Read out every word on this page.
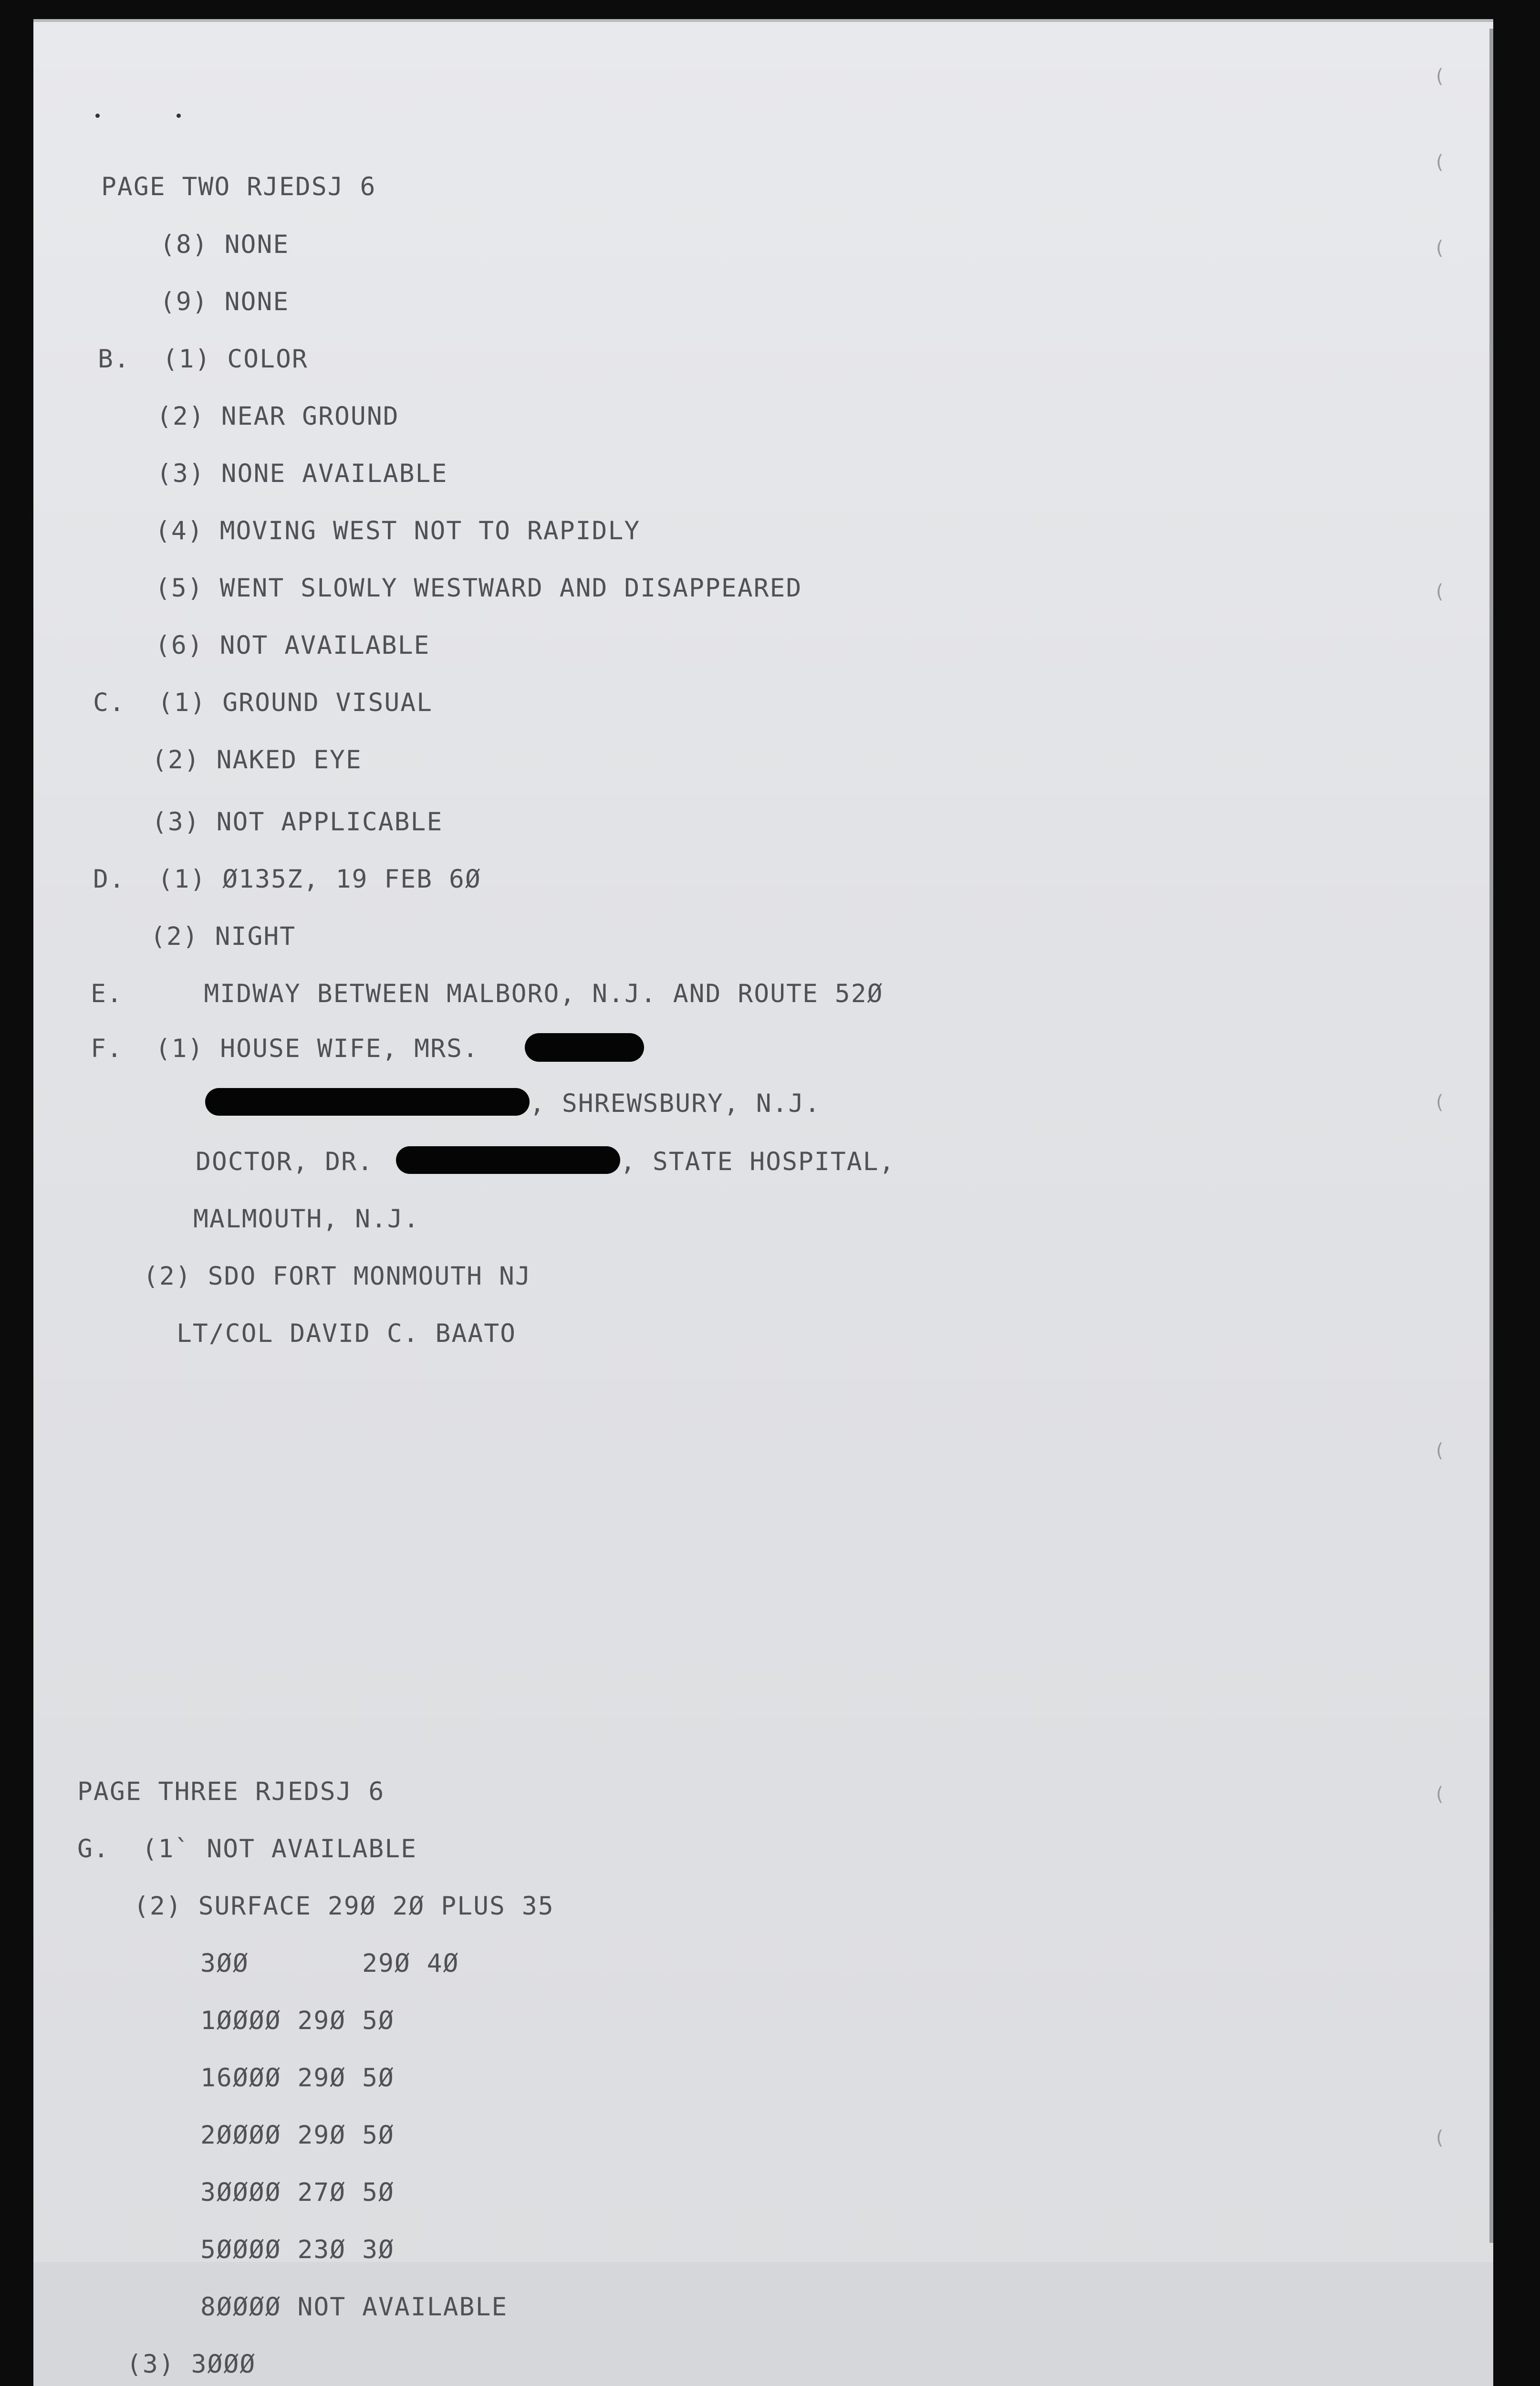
(
(
(
(
(
(
(
(

PAGE TWO RJEDSJ 6

(8) NONE

(9) NONE

B.  (1) COLOR

(2) NEAR GROUND

(3) NONE AVAILABLE

(4) MOVING WEST NOT TO RAPIDLY

(5) WENT SLOWLY WESTWARD AND DISAPPEARED

(6) NOT AVAILABLE

C.  (1) GROUND VISUAL

(2) NAKED EYE

(3) NOT APPLICABLE

D.  (1) Ø135Z, 19 FEB 6Ø

(2) NIGHT

E.     MIDWAY BETWEEN MALBORO, N.J. AND ROUTE 52Ø

F.  (1) HOUSE WIFE, MRS.

, SHREWSBURY, N.J.

DOCTOR, DR.	, STATE HOSPITAL,

MALMOUTH, N.J.

(2) SDO FORT MONMOUTH NJ

LT/COL DAVID C. BAATO

PAGE THREE RJEDSJ 6

G.  (1` NOT AVAILABLE

(2) SURFACE 29Ø 2Ø PLUS 35

3ØØ       29Ø 4Ø

1ØØØØ 29Ø 5Ø

16ØØØ 29Ø 5Ø

2ØØØØ 29Ø 5Ø

3ØØØØ 27Ø 5Ø

5ØØØØ 23Ø 3Ø

8ØØØØ NOT AVAILABLE

(3) 3ØØØ
